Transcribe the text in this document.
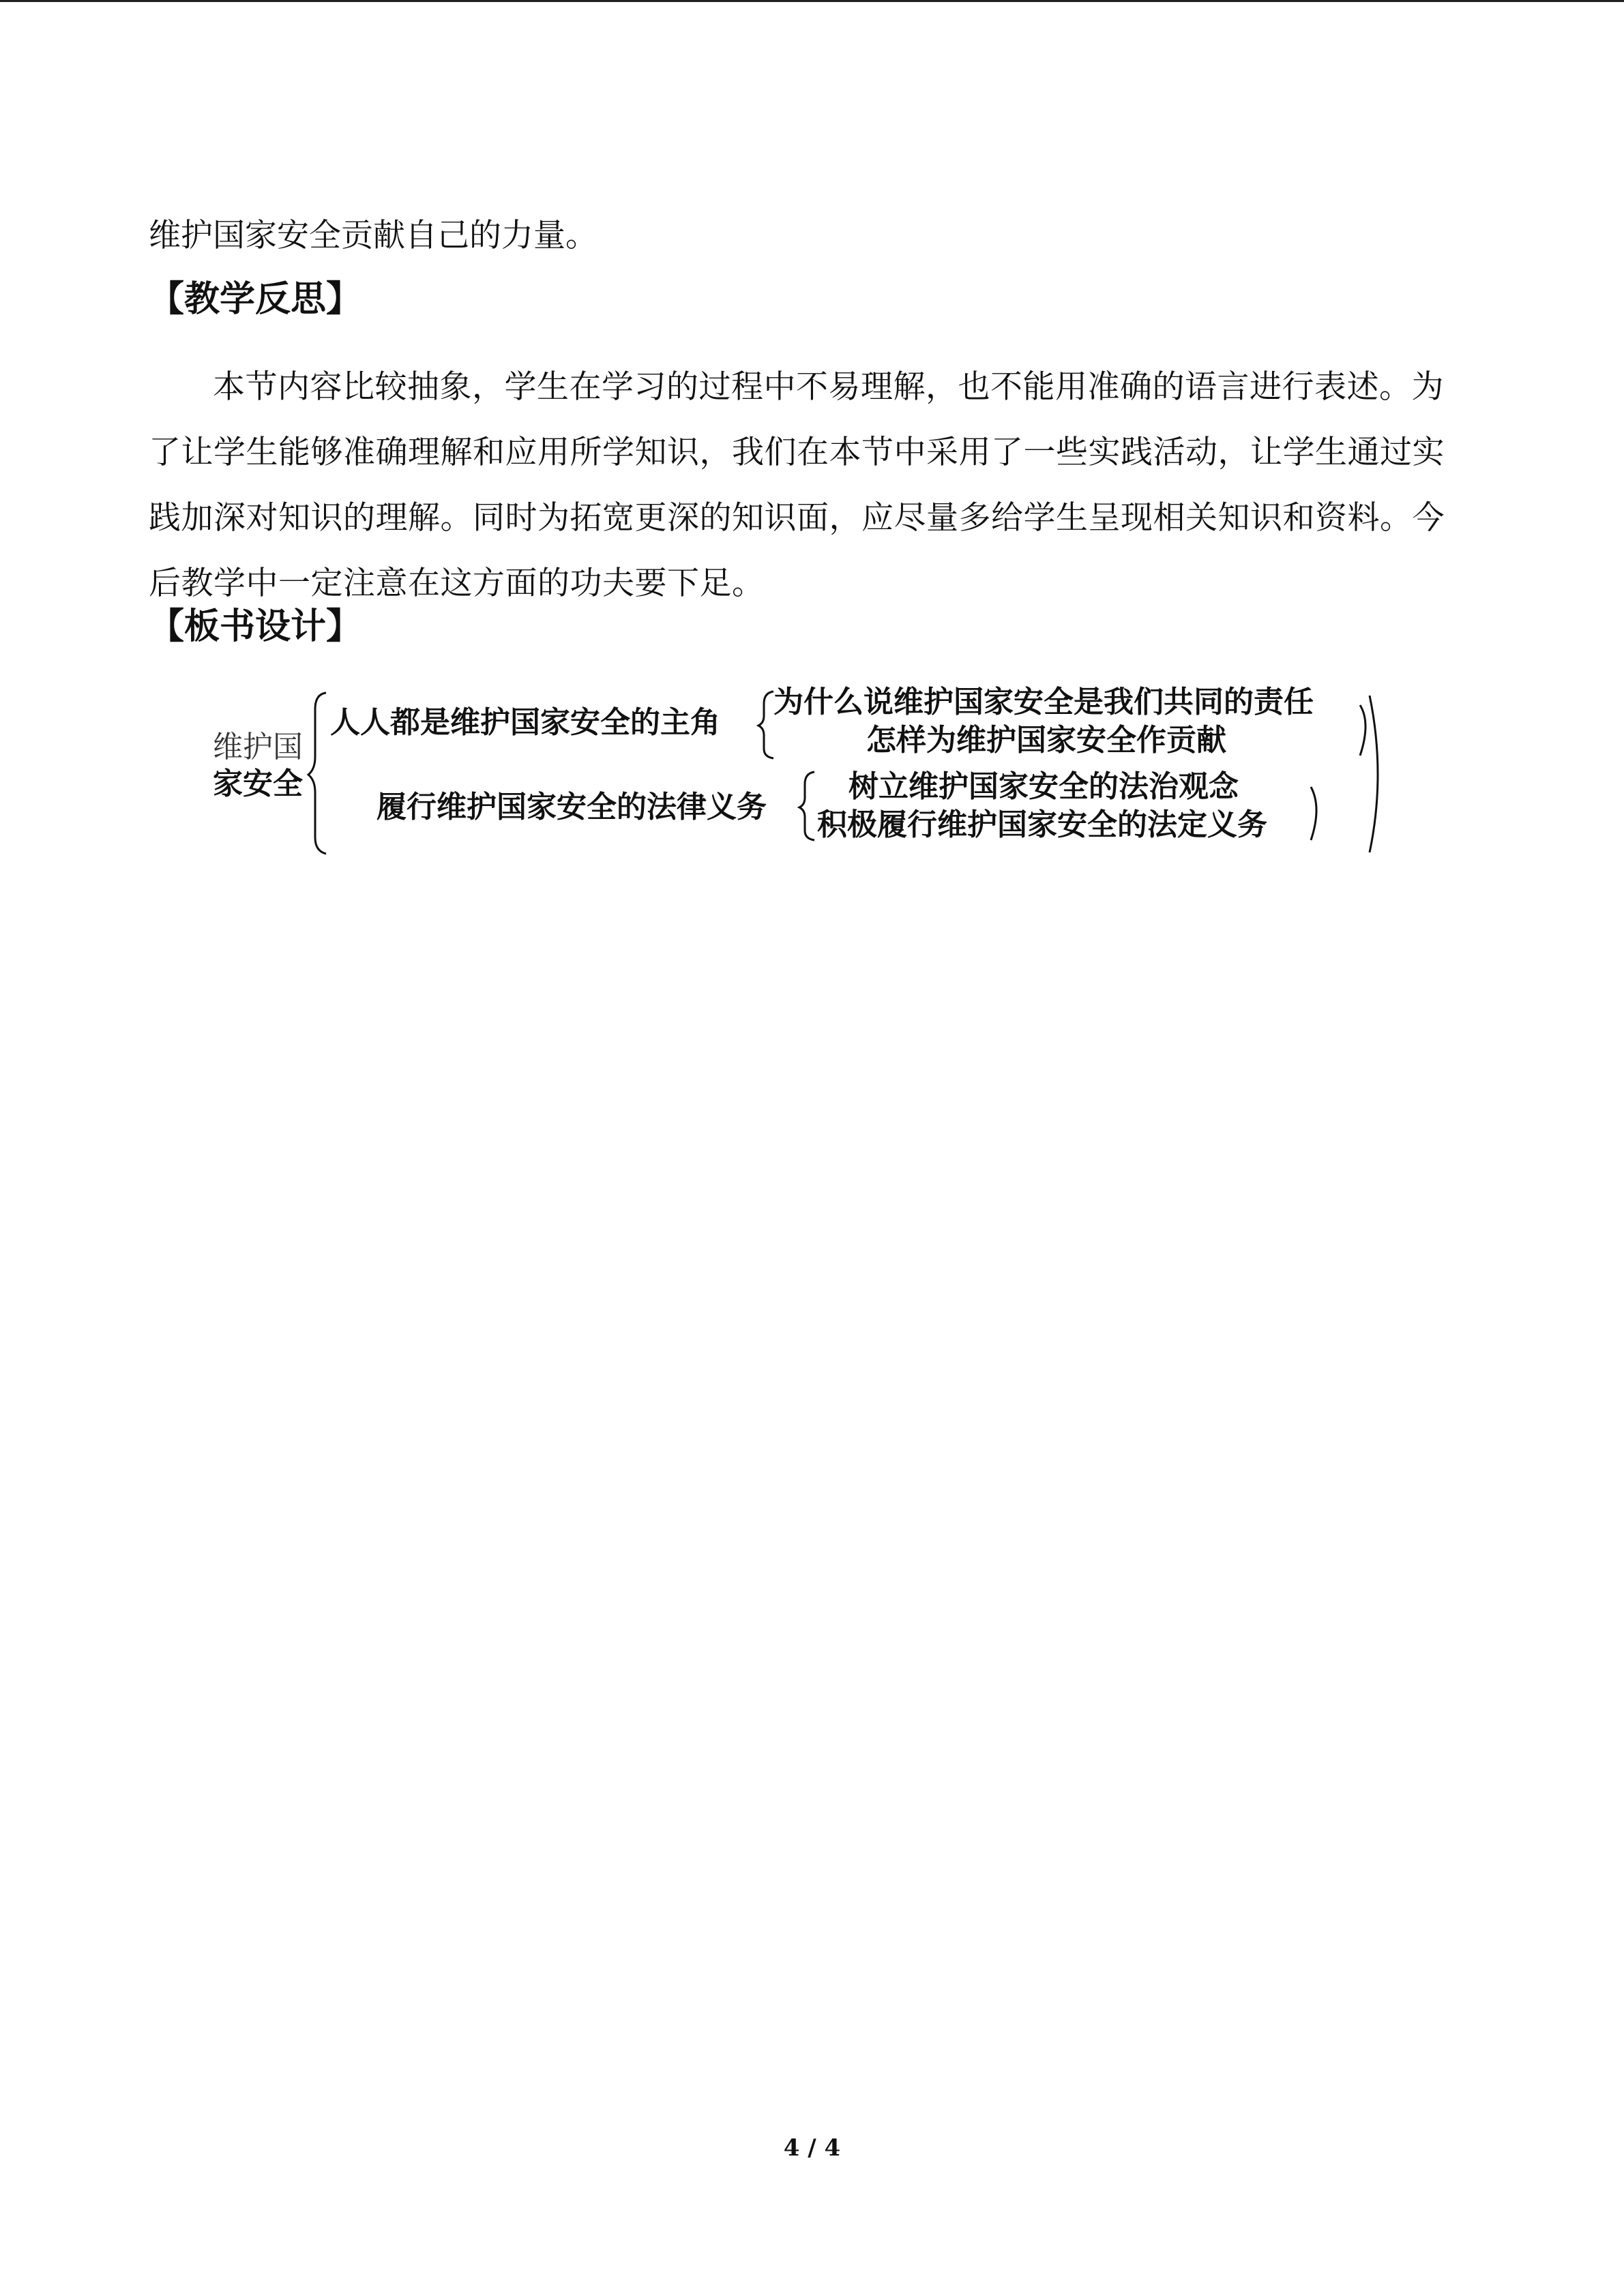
维护国家安全贡献自己的力量。

【教学反思】

本节内容比较抽象，学生在学习的过程中不易理解，也不能用准确的语言进行表述。为了让学生能够准确理解和应用所学知识，我们在本节中采用了一些实践活动，让学生通过实践加深对知识的理解。同时为拓宽更深的知识面，应尽量多给学生呈现相关知识和资料。今后教学中一定注意在这方面的功夫要下足。

【板书设计】
维护国
家安全
人人都是维护国家安全的主角
为什么说维护国家安全是我们共同的责任
怎样为维护国家安全作贡献
履行维护国家安全的法律义务
树立维护国家安全的法治观念
积极履行维护国家安全的法定义务
4 / 4
